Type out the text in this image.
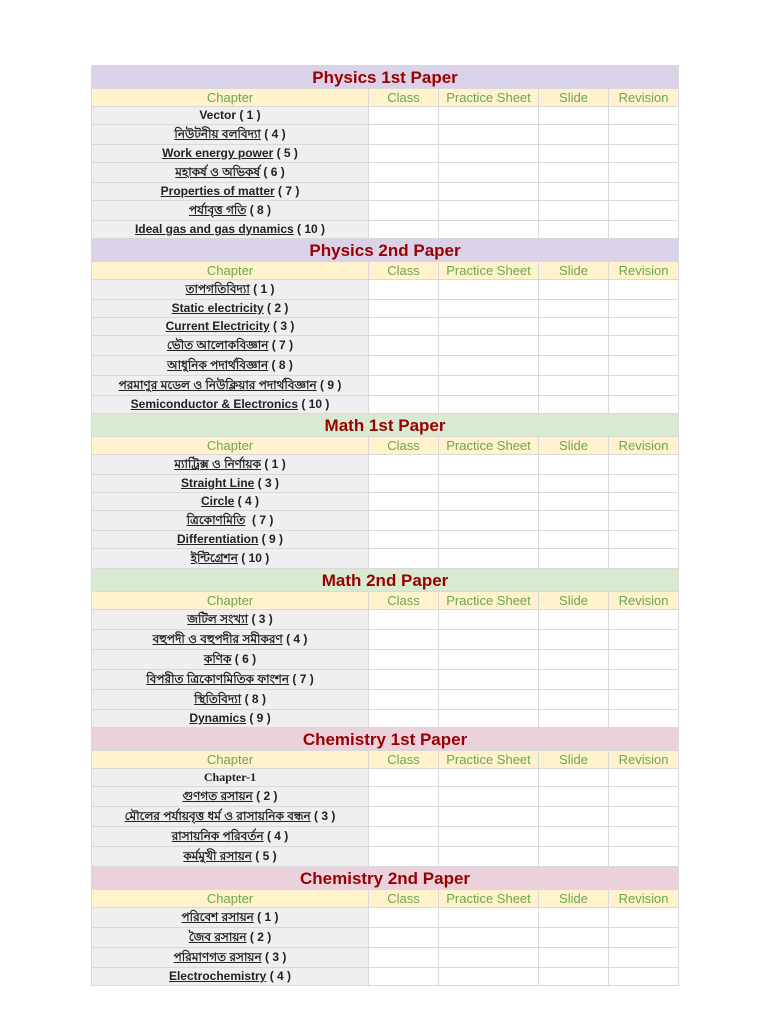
Physics 1st Paper				
Chapter	Class	Practice Sheet	Slide	Revision
Vector ( 1 )				
নিউটনীয় বলবিদ্যা ( 4 )				
Work energy power ( 5 )				
মহাকর্ষ ও অভিকর্ষ ( 6 )				
Properties of matter ( 7 )				
পর্যাবৃত্ত গতি ( 8 )				
Ideal gas and gas dynamics ( 10 )				
Physics 2nd Paper				
Chapter	Class	Practice Sheet	Slide	Revision
তাপগতিবিদ্যা ( 1 )				
Static electricity ( 2 )				
Current Electricity ( 3 )				
ভৌত আলোকবিজ্ঞান ( 7 )				
আধুনিক পদার্থবিজ্ঞান ( 8 )				
পরমাণুর মডেল ও নিউক্লিয়ার পদার্থবিজ্ঞান ( 9 )				
Semiconductor & Electronics ( 10 )				
Math 1st Paper				
Chapter	Class	Practice Sheet	Slide	Revision
ম্যাট্রিক্স ও নির্ণায়ক ( 1 )				
Straight Line ( 3 )				
Circle ( 4 )				
ত্রিকোণমিতি  ( 7 )				
Differentiation ( 9 )				
ইন্টিগ্রেশন ( 10 )				
Math 2nd Paper				
Chapter	Class	Practice Sheet	Slide	Revision
জটিল সংখ্যা ( 3 )				
বহুপদী ও বহুপদীর সমীকরণ ( 4 )				
কণিক ( 6 )				
বিপরীত ত্রিকোণমিতিক ফাংশন ( 7 )				
স্থিতিবিদ্যা ( 8 )				
Dynamics ( 9 )				
Chemistry 1st Paper				
Chapter	Class	Practice Sheet	Slide	Revision
Chapter-1				
গুণগত রসায়ন ( 2 )				
মৌলের পর্যায়বৃত্ত ধর্ম ও রাসায়নিক বন্ধন ( 3 )				
রাসায়নিক পরিবর্তন ( 4 )				
কর্মমুখী রসায়ন ( 5 )				
Chemistry 2nd Paper				
Chapter	Class	Practice Sheet	Slide	Revision
পরিবেশ রসায়ন ( 1 )				
জৈব রসায়ন ( 2 )				
পরিমাণগত রসায়ন ( 3 )				
Electrochemistry ( 4 )				
